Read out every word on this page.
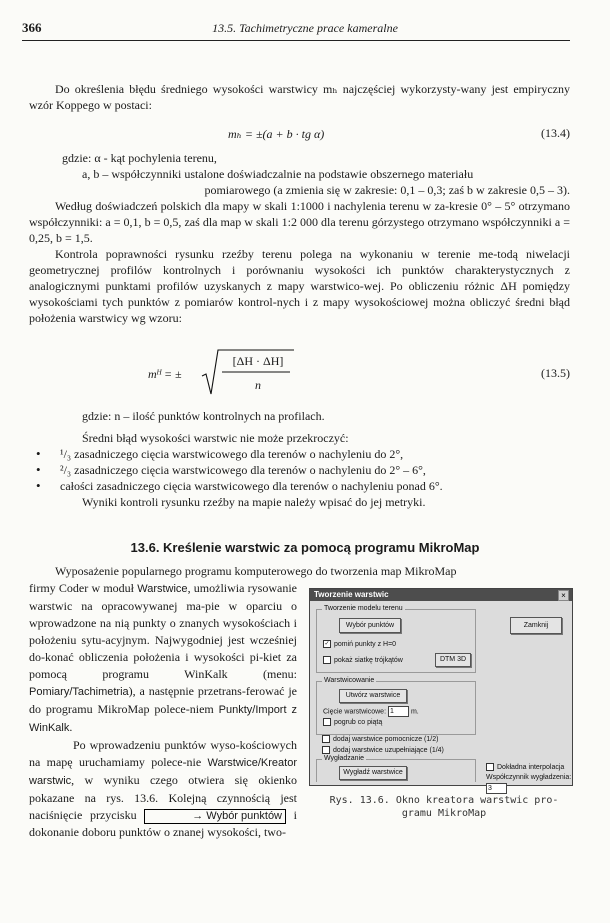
366	13.5. Tachimetryczne prace kameralne

Do określenia błędu średniego wysokości warstwicy mₕ najczęściej wykorzysty-wany jest empiryczny wzór Koppego w postaci:

mₕ = ±(a + b · tg α)	(13.4)
gdzie: α - kąt pochylenia terenu,
a, b – współczynniki ustalone doświadczalnie na podstawie obszernego materiału
pomiarowego (a zmienia się w zakresie: 0,1 – 0,3; zaś b w zakresie 0,5 – 3).

Według doświadczeń polskich dla mapy w skali 1:1000 i nachylenia terenu w za-kresie 0° – 5° otrzymano współczynniki: a = 0,1, b = 0,5, zaś dla map w skali 1:2 000 dla terenu górzystego otrzymano współczynniki a = 0,25, b = 1,5.

Kontrola poprawności rysunku rzeźby terenu polega na wykonaniu w terenie me-todą niwelacji geometrycznej profilów kontrolnych i porównaniu wysokości ich punktów charakterystycznych z analogicznymi punktami profilów uzyskanych z mapy warstwico-wej. Po obliczeniu różnic ΔH pomiędzy wysokościami tych punktów z pomiarów kontrol-nych i z mapy wysokościowej można obliczyć średni błąd położenia warstwicy wg wzoru:

mᴴ = ±
[ΔH · ΔH]
n
(13.5)
gdzie: n – ilość punktów kontrolnych na profilach.
Średni błąd wysokości warstwic nie może przekroczyć:
• ¹/₃ zasadniczego cięcia warstwicowego dla terenów o nachyleniu do 2°,
• ²/₃ zasadniczego cięcia warstwicowego dla terenów o nachyleniu do 2° – 6°,
• całości zasadniczego cięcia warstwicowego dla terenów o nachyleniu ponad 6°.
Wyniki kontroli rysunku rzeźby na mapie należy wpisać do jej metryki.
13.6. Kreślenie warstwic za pomocą programu MikroMap
Wyposażenie popularnego programu komputerowego do tworzenia map MikroMap
firmy Coder w moduł Warstwice, umożliwia rysowanie warstwic na opracowywanej ma-pie w oparciu o wprowadzone na nią punkty o znanych wysokościach i położeniu sytu-acyjnym. Najwygodniej jest wcześniej do-konać obliczenia położenia i wysokości pi-kiet za pomocą programu WinKalk (menu: Pomiary/Tachimetria), a następnie przetrans-ferować je do programu MikroMap polece-niem Punkty/Import z WinKalk.
Po wprowadzeniu punktów wyso-kościowych na mapę uruchamiamy polece-nie Warstwice/Kreator warstwic, w wyniku czego otwiera się okienko pokazane na rys. 13.6. Kolejną czynnością jest naciśnięcie przycisku	→ Wybór punktów i dokonanie doboru punktów o znanej wysokości, two-
Tworzenie warstwic	×
Tworzenie modelu terenu
Wybór punktów
✓ pomiń punkty z H=0
pokaż siatkę trójkątów	DTM 3D
Zamknij
Warstwicowanie
Utwórz warstwice
Cięcie warstwicowe: 1 m.
pogrub co piątą
dodaj warstwice pomocnicze (1/2)
dodaj warstwice uzupełniające (1/4)
Wygładzanie
Wygładź warstwice
Dokładna interpolacja
Współczynnik wygładzenia: 3
Rys. 13.6. Okno kreatora warstwic pro-gramu MikroMap
